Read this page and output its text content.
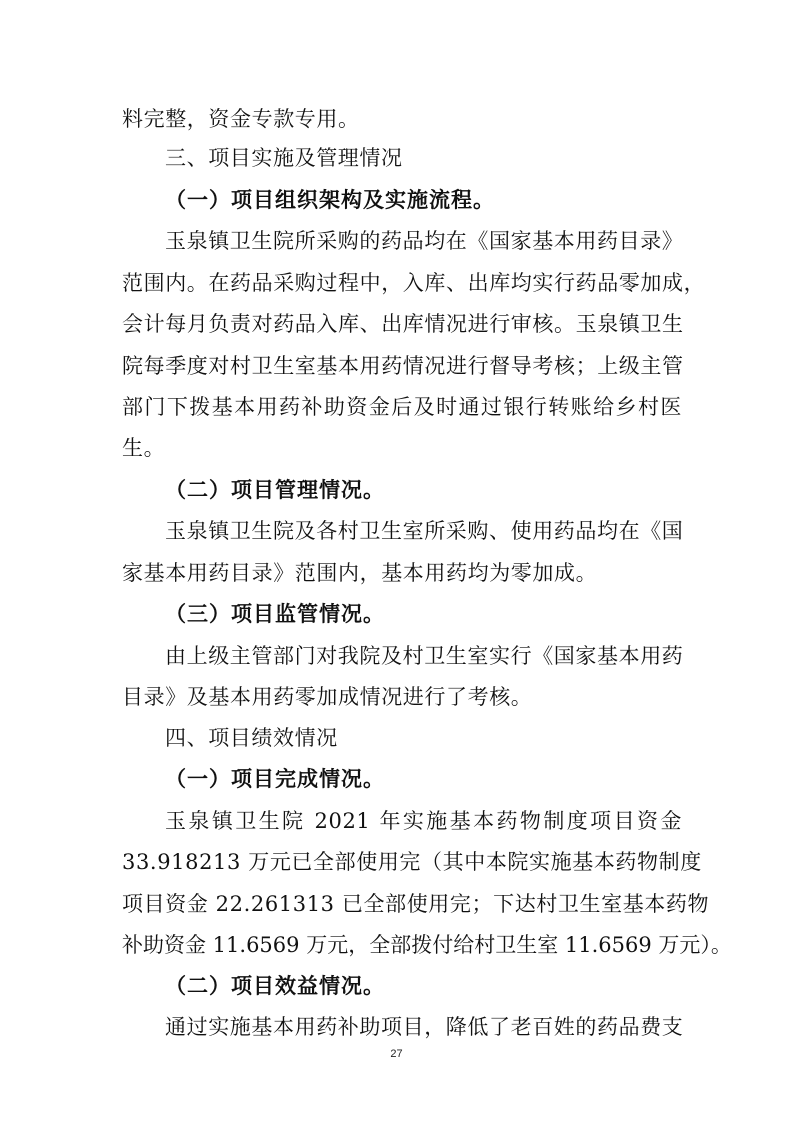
料完整，资金专款专用。
三、项目实施及管理情况
（一）项目组织架构及实施流程。
玉泉镇卫生院所采购的药品均在《国家基本用药目录》
范围内。在药品采购过程中，入库、出库均实行药品零加成，
会计每月负责对药品入库、出库情况进行审核。玉泉镇卫生
院每季度对村卫生室基本用药情况进行督导考核；上级主管
部门下拨基本用药补助资金后及时通过银行转账给乡村医
生。
（二）项目管理情况。
玉泉镇卫生院及各村卫生室所采购、使用药品均在《国
家基本用药目录》范围内，基本用药均为零加成。
（三）项目监管情况。
由上级主管部门对我院及村卫生室实行《国家基本用药
目录》及基本用药零加成情况进行了考核。
四、项目绩效情况
（一）项目完成情况。
玉泉镇卫生院 2021 年实施基本药物制度项目资金
33.918213 万元已全部使用完（其中本院实施基本药物制度
项目资金 22.261313 已全部使用完；下达村卫生室基本药物
补助资金 11.6569 万元，全部拨付给村卫生室 11.6569 万元）。
（二）项目效益情况。
通过实施基本用药补助项目，降低了老百姓的药品费支
27
